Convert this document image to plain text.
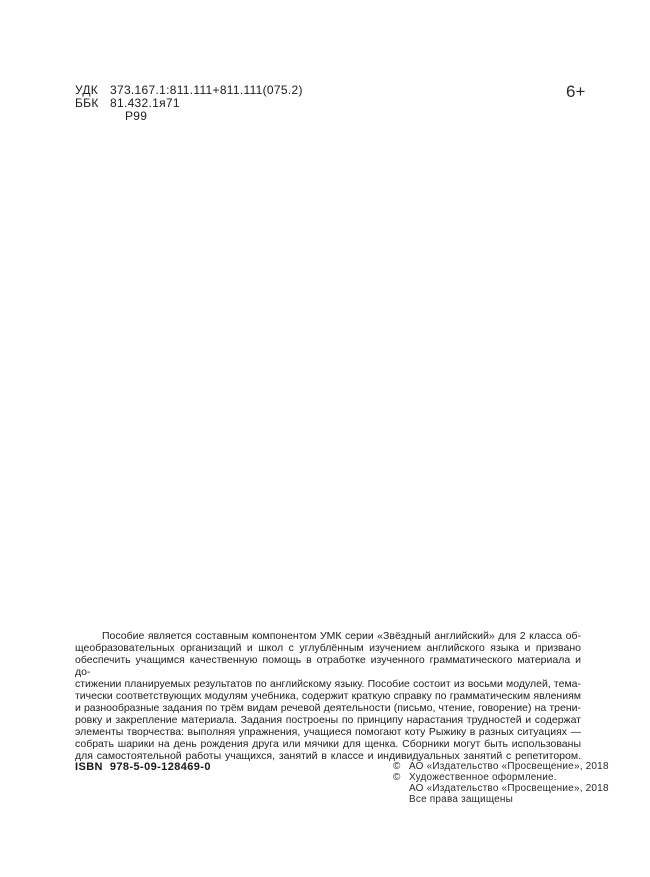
УДК 373.167.1:811.111+811.111(075.2)
ББК 81.432.1я71
Р99
6+
Пособие является составным компонентом УМК серии «Звёздный английский» для 2 класса об-
щеобразовательных организаций и школ с углублённым изучением английского языка и призвано
обеспечить учащимся качественную помощь в отработке изученного грамматического материала и до-
стижении планируемых результатов по английскому языку. Пособие состоит из восьми модулей, тема-
тически соответствующих модулям учебника, содержит краткую справку по грамматическим явлениям
и разнообразные задания по трём видам речевой деятельности (письмо, чтение, говорение) на трени-
ровку и закрепление материала. Задания построены по принципу нарастания трудностей и содержат
элементы творчества: выполняя упражнения, учащиеся помогают коту Рыжику в разных ситуациях —
собрать шарики на день рождения друга или мячики для щенка. Сборники могут быть использованы
для самостоятельной работы учащихся, занятий в классе и индивидуальных занятий с репетитором.
ISBN 978-5-09-128469-0	© АО «Издательство «Просвещение», 2018
© Художественное оформление.
АО «Издательство «Просвещение», 2018
Все права защищены
